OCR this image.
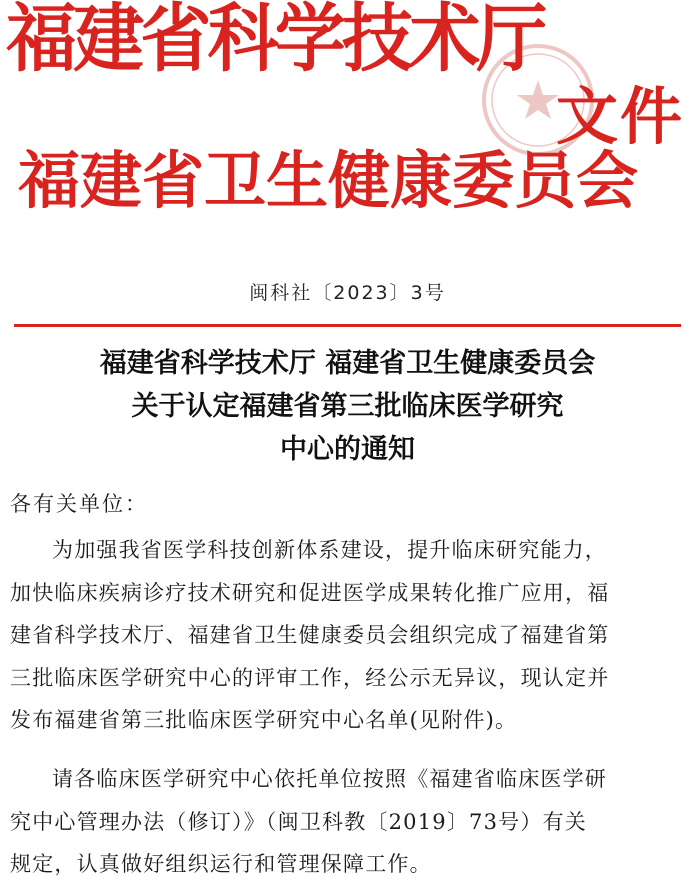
福建省科学技术厅
福建省卫生健康委员会
文件
闽科社〔2023〕3号
福建省科学技术厅 福建省卫生健康委员会
关于认定福建省第三批临床医学研究
中心的通知
各有关单位：
为加强我省医学科技创新体系建设，提升临床研究能力，
加快临床疾病诊疗技术研究和促进医学成果转化推广应用，福
建省科学技术厅、福建省卫生健康委员会组织完成了福建省第
三批临床医学研究中心的评审工作，经公示无异议，现认定并
发布福建省第三批临床医学研究中心名单(见附件)。
请各临床医学研究中心依托单位按照《福建省临床医学研
究中心管理办法（修订）》（闽卫科教〔2019〕73号）有关
规定，认真做好组织运行和管理保障工作。
